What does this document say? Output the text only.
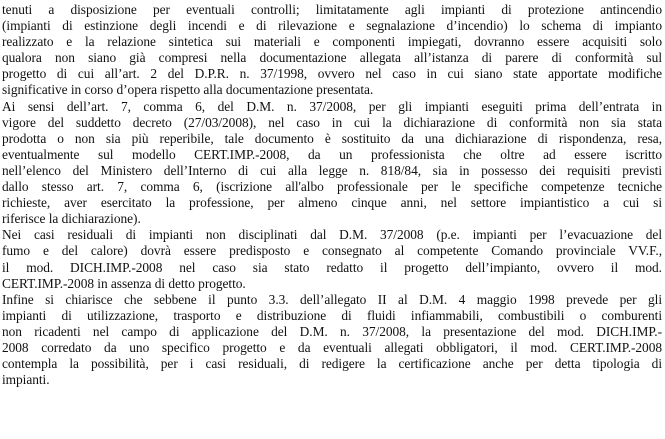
tenuti a disposizione per eventuali controlli; limitatamente agli impianti di protezione antincendio
(impianti di estinzione degli incendi e di rilevazione e segnalazione d’incendio) lo schema di impianto
realizzato e la relazione sintetica sui materiali e componenti impiegati, dovranno essere acquisiti solo
qualora non siano già compresi nella documentazione allegata all’istanza di parere di conformità sul
progetto di cui all’art. 2 del D.P.R. n. 37/1998, ovvero nel caso in cui siano state apportate modifiche
significative in corso d’opera rispetto alla documentazione presentata.
Ai sensi dell’art. 7, comma 6, del D.M. n. 37/2008, per gli impianti eseguiti prima dell’entrata in
vigore del suddetto decreto (27/03/2008), nel caso in cui la dichiarazione di conformità non sia stata
prodotta o non sia più reperibile, tale documento è sostituito da una dichiarazione di rispondenza, resa,
eventualmente sul modello CERT.IMP.-2008, da un professionista che oltre ad essere iscritto
nell’elenco del Ministero dell’Interno di cui alla legge n. 818/84, sia in possesso dei requisiti previsti
dallo stesso art. 7, comma 6, (iscrizione all'albo professionale per le specifiche competenze tecniche
richieste, aver esercitato la professione, per almeno cinque anni, nel settore impiantistico a cui si
riferisce la dichiarazione).
Nei casi residuali di impianti non disciplinati dal D.M. 37/2008 (p.e. impianti per l’evacuazione del
fumo e del calore) dovrà essere predisposto e consegnato al competente Comando provinciale VV.F.,
il mod. DICH.IMP.-2008 nel caso sia stato redatto il progetto dell’impianto, ovvero il mod.
CERT.IMP.-2008 in assenza di detto progetto.
Infine si chiarisce che sebbene il punto 3.3. dell’allegato II al D.M. 4 maggio 1998 prevede per gli
impianti di utilizzazione, trasporto e distribuzione di fluidi infiammabili, combustibili o comburenti
non ricadenti nel campo di applicazione del D.M. n. 37/2008, la presentazione del mod. DICH.IMP.-
2008 corredato da uno specifico progetto e da eventuali allegati obbligatori, il mod. CERT.IMP.-2008
contempla la possibilità, per i casi residuali, di redigere la certificazione anche per detta tipologia di
impianti.
